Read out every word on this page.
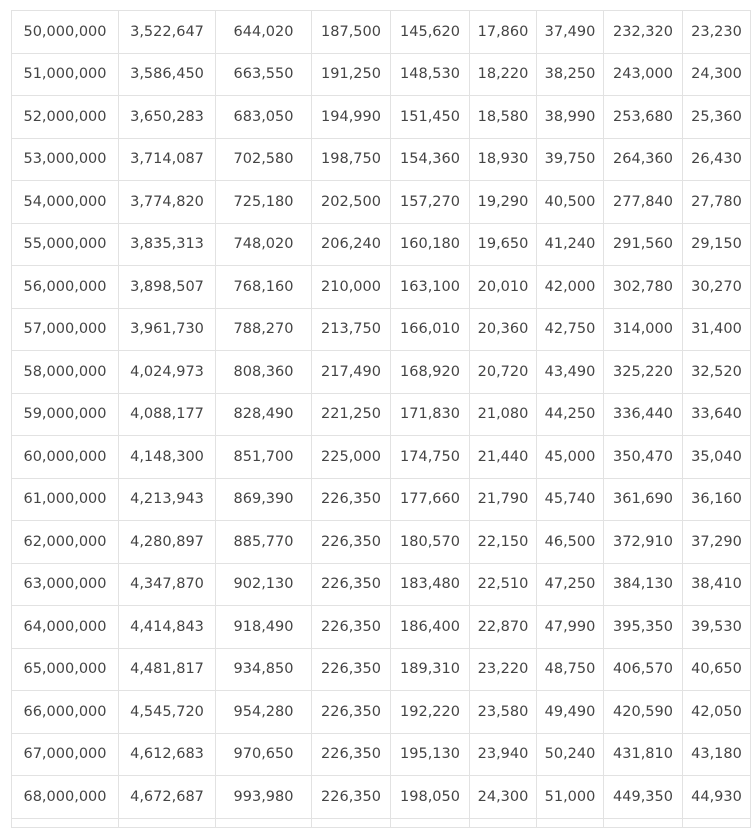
50,000,000	3,522,647	644,020	187,500	145,620	17,860	37,490	232,320	23,230
51,000,000	3,586,450	663,550	191,250	148,530	18,220	38,250	243,000	24,300
52,000,000	3,650,283	683,050	194,990	151,450	18,580	38,990	253,680	25,360
53,000,000	3,714,087	702,580	198,750	154,360	18,930	39,750	264,360	26,430
54,000,000	3,774,820	725,180	202,500	157,270	19,290	40,500	277,840	27,780
55,000,000	3,835,313	748,020	206,240	160,180	19,650	41,240	291,560	29,150
56,000,000	3,898,507	768,160	210,000	163,100	20,010	42,000	302,780	30,270
57,000,000	3,961,730	788,270	213,750	166,010	20,360	42,750	314,000	31,400
58,000,000	4,024,973	808,360	217,490	168,920	20,720	43,490	325,220	32,520
59,000,000	4,088,177	828,490	221,250	171,830	21,080	44,250	336,440	33,640
60,000,000	4,148,300	851,700	225,000	174,750	21,440	45,000	350,470	35,040
61,000,000	4,213,943	869,390	226,350	177,660	21,790	45,740	361,690	36,160
62,000,000	4,280,897	885,770	226,350	180,570	22,150	46,500	372,910	37,290
63,000,000	4,347,870	902,130	226,350	183,480	22,510	47,250	384,130	38,410
64,000,000	4,414,843	918,490	226,350	186,400	22,870	47,990	395,350	39,530
65,000,000	4,481,817	934,850	226,350	189,310	23,220	48,750	406,570	40,650
66,000,000	4,545,720	954,280	226,350	192,220	23,580	49,490	420,590	42,050
67,000,000	4,612,683	970,650	226,350	195,130	23,940	50,240	431,810	43,180
68,000,000	4,672,687	993,980	226,350	198,050	24,300	51,000	449,350	44,930
